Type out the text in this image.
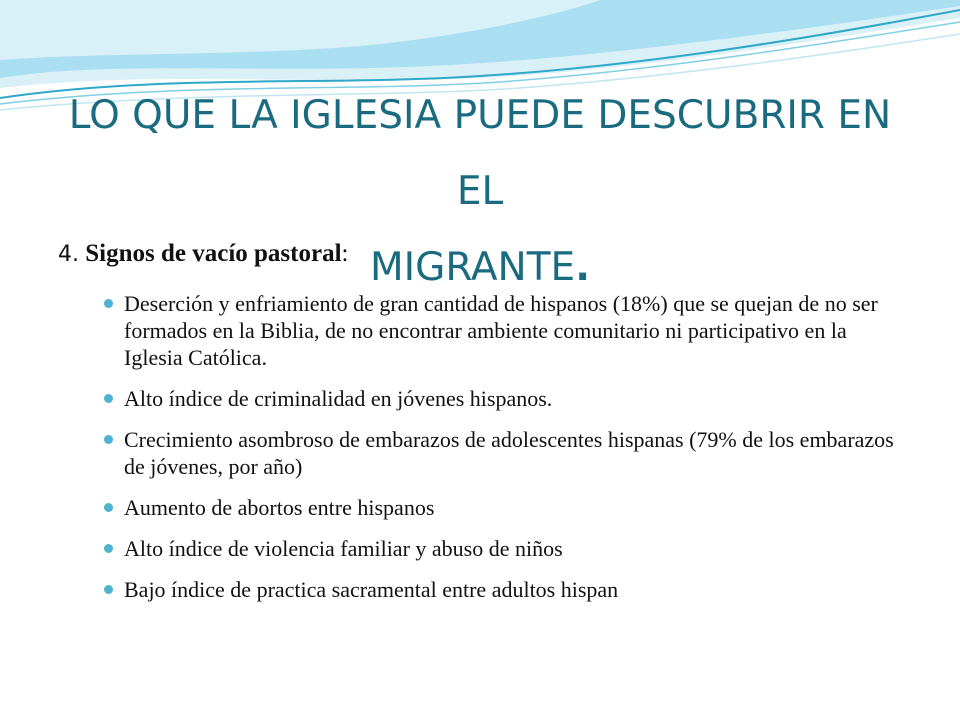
LO QUE LA IGLESIA PUEDE DESCUBRIR EN EL
MIGRANTE.
4. Signos de vacío pastoral:
Deserción y enfriamiento de gran cantidad de hispanos (18%) que se quejan de no ser formados en la Biblia, de no encontrar ambiente comunitario ni participativo en la Iglesia Católica.
Alto índice de criminalidad en jóvenes hispanos.
Crecimiento asombroso de embarazos de adolescentes hispanas (79% de los embarazos de jóvenes, por año)
Aumento de abortos entre hispanos
Alto índice de violencia familiar y abuso de niños
Bajo índice de practica sacramental entre adultos hispan
